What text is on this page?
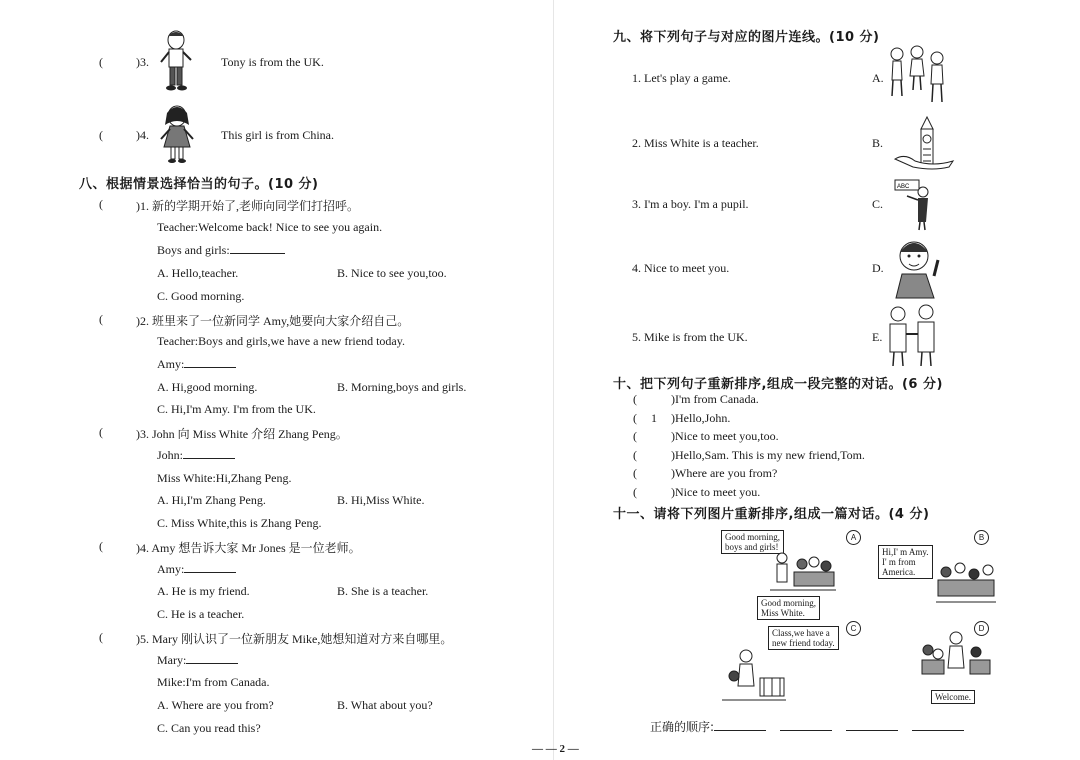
(	)3.	Tony is from the UK.
(	)4.	This girl is from China.
八、根据情景选择恰当的句子。(10 分)
(	)1. 新的学期开始了,老师向同学们打招呼。
Teacher:Welcome back! Nice to see you again.
Boys and girls:
A. Hello,teacher.	B. Nice to see you,too.
C. Good morning.
(	)2. 班里来了一位新同学 Amy,她要向大家介绍自己。
Teacher:Boys and girls,we have a new friend today.
Amy:
A. Hi,good morning.	B. Morning,boys and girls.
C. Hi,I'm Amy. I'm from the UK.
(	)3. John 向 Miss White 介绍 Zhang Peng。
John:
Miss White:Hi,Zhang Peng.
A. Hi,I'm Zhang Peng.	B. Hi,Miss White.
C. Miss White,this is Zhang Peng.
(	)4. Amy 想告诉大家 Mr Jones 是一位老师。
Amy:
A. He is my friend.	B. She is a teacher.
C. He is a teacher.
(	)5. Mary 刚认识了一位新朋友 Mike,她想知道对方来自哪里。
Mary:
Mike:I'm from Canada.
A. Where are you from?	B. What about you?
C. Can you read this?
九、将下列句子与对应的图片连线。(10 分)
1. Let's play a game.	A.
2. Miss White is a teacher.	B.
3. I'm a boy. I'm a pupil.	C.
ABC
4. Nice to meet you.	D.
5. Mike is from the UK.	E.
十、把下列句子重新排序,组成一段完整的对话。(6 分)
(	)I'm from Canada.
( 1 )Hello,John.
(	)Nice to meet you,too.
(	)Hello,Sam. This is my new friend,Tom.
(	)Where are you from?
(	)Nice to meet you.
十一、请将下列图片重新排序,组成一篇对话。(4 分)
Good morning,
boys and girls!
A
Good morning,
Miss White.
Hi,I' m Amy.
I' m from
America.
B
C
Class,we have a
new friend today.
D
Welcome.
正确的顺序:
— — 2 —
